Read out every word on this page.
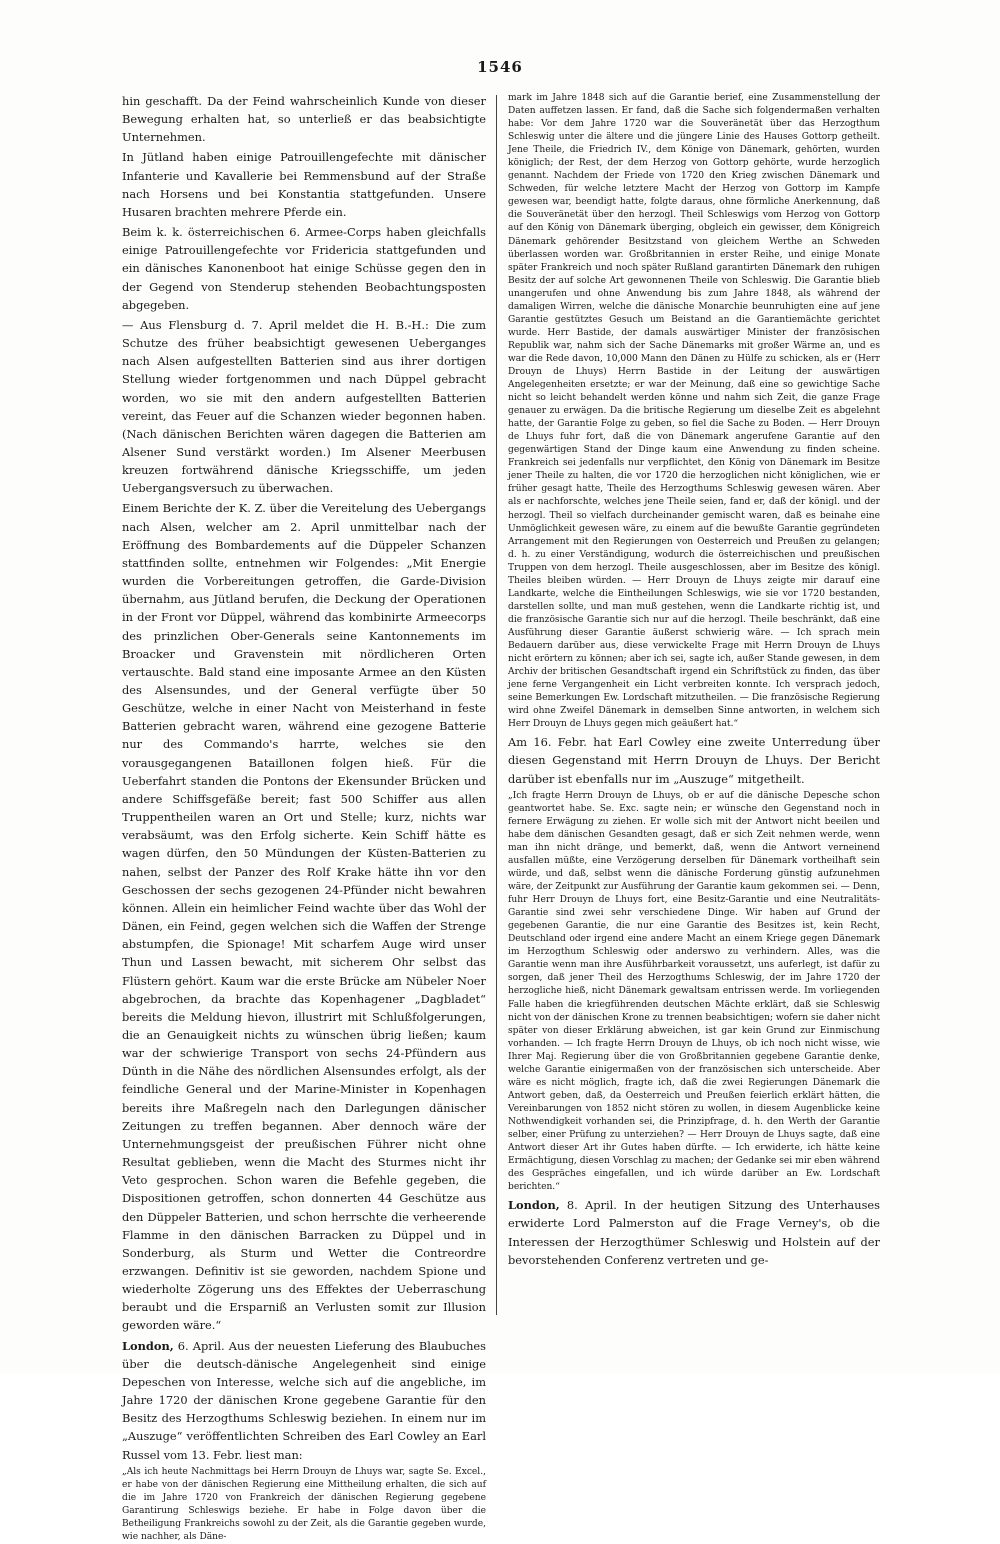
1546

hin geschafft. Da der Feind wahrscheinlich Kunde von dieser Bewegung erhalten hat, so unterließ er das beabsichtigte Unternehmen.

In Jütland haben einige Patrouillengefechte mit dänischer Infanterie und Kavallerie bei Remmensbund auf der Straße nach Horsens und bei Konstantia stattgefunden. Unsere Husaren brachten mehrere Pferde ein.

Beim k. k. österreichischen 6. Armee-Corps haben gleichfalls einige Patrouillengefechte vor Fridericia stattgefunden und ein dänisches Kanonenboot hat einige Schüsse gegen den in der Gegend von Stenderup stehenden Beobachtungsposten abgegeben.

— Aus Flensburg d. 7. April meldet die H. B.-H.: Die zum Schutze des früher beabsichtigt gewesenen Ueberganges nach Alsen aufgestellten Batterien sind aus ihrer dortigen Stellung wieder fortgenommen und nach Düppel gebracht worden, wo sie mit den andern aufgestellten Batterien vereint, das Feuer auf die Schanzen wieder begonnen haben. (Nach dänischen Berichten wären dagegen die Batterien am Alsener Sund verstärkt worden.) Im Alsener Meerbusen kreuzen fortwährend dänische Kriegsschiffe, um jeden Uebergangsversuch zu überwachen.

Einem Berichte der K. Z. über die Vereitelung des Uebergangs nach Alsen, welcher am 2. April unmittelbar nach der Eröffnung des Bombardements auf die Düppeler Schanzen stattfinden sollte, entnehmen wir Folgendes: „Mit Energie wurden die Vorbereitungen getroffen, die Garde-Division übernahm, aus Jütland berufen, die Deckung der Operationen in der Front vor Düppel, während das kombinirte Armeecorps des prinzlichen Ober-Generals seine Kantonnements im Broacker und Gravenstein mit nördlicheren Orten vertauschte. Bald stand eine imposante Armee an den Küsten des Alsensundes, und der General verfügte über 50 Geschütze, welche in einer Nacht von Meisterhand in feste Batterien gebracht waren, während eine gezogene Batterie nur des Commando's harrte, welches sie den vorausgegangenen Bataillonen folgen hieß. Für die Ueberfahrt standen die Pontons der Ekensunder Brücken und andere Schiffsgefäße bereit; fast 500 Schiffer aus allen Truppentheilen waren an Ort und Stelle; kurz, nichts war verabsäumt, was den Erfolg sicherte. Kein Schiff hätte es wagen dürfen, den 50 Mündungen der Küsten-Batterien zu nahen, selbst der Panzer des Rolf Krake hätte ihn vor den Geschossen der sechs gezogenen 24-Pfünder nicht bewahren können. Allein ein heimlicher Feind wachte über das Wohl der Dänen, ein Feind, gegen welchen sich die Waffen der Strenge abstumpfen, die Spionage! Mit scharfem Auge wird unser Thun und Lassen bewacht, mit sicherem Ohr selbst das Flüstern gehört. Kaum war die erste Brücke am Nübeler Noer abgebrochen, da brachte das Kopenhagener „Dagbladet“ bereits die Meldung hievon, illustrirt mit Schlußfolgerungen, die an Genauigkeit nichts zu wünschen übrig ließen; kaum war der schwierige Transport von sechs 24-Pfündern aus Dünth in die Nähe des nördlichen Alsensundes erfolgt, als der feindliche General und der Marine-Minister in Kopenhagen bereits ihre Maßregeln nach den Darlegungen dänischer Zeitungen zu treffen begannen. Aber dennoch wäre der Unternehmungsgeist der preußischen Führer nicht ohne Resultat geblieben, wenn die Macht des Sturmes nicht ihr Veto gesprochen. Schon waren die Befehle gegeben, die Dispositionen getroffen, schon donnerten 44 Geschütze aus den Düppeler Batterien, und schon herrschte die verheerende Flamme in den dänischen Barracken zu Düppel und in Sonderburg, als Sturm und Wetter die Contreordre erzwangen. Definitiv ist sie geworden, nachdem Spione und wiederholte Zögerung uns des Effektes der Ueberraschung beraubt und die Ersparniß an Verlusten somit zur Illusion geworden wäre.“

London, 6. April. Aus der neuesten Lieferung des Blaubuches über die deutsch-dänische Angelegenheit sind einige Depeschen von Interesse, welche sich auf die angebliche, im Jahre 1720 der dänischen Krone gegebene Garantie für den Besitz des Herzogthums Schleswig beziehen. In einem nur im „Auszuge“ veröffentlichten Schreiben des Earl Cowley an Earl Russel vom 13. Febr. liest man:

„Als ich heute Nachmittags bei Herrn Drouyn de Lhuys war, sagte Se. Excel., er habe von der dänischen Regierung eine Mittheilung erhalten, die sich auf die im Jahre 1720 von Frankreich der dänischen Regierung gegebene Garantirung Schleswigs beziehe. Er habe in Folge davon über die Betheiligung Frankreichs sowohl zu der Zeit, als die Garantie gegeben wurde, wie nachher, als Däne-

mark im Jahre 1848 sich auf die Garantie berief, eine Zusammenstellung der Daten auffetzen lassen. Er fand, daß die Sache sich folgendermaßen verhalten habe: Vor dem Jahre 1720 war die Souveränetät über das Herzogthum Schleswig unter die ältere und die jüngere Linie des Hauses Gottorp getheilt. Jene Theile, die Friedrich IV., dem Könige von Dänemark, gehörten, wurden königlich; der Rest, der dem Herzog von Gottorp gehörte, wurde herzoglich genannt. Nachdem der Friede von 1720 den Krieg zwischen Dänemark und Schweden, für welche letztere Macht der Herzog von Gottorp im Kampfe gewesen war, beendigt hatte, folgte daraus, ohne förmliche Anerkennung, daß die Souveränetät über den herzogl. Theil Schleswigs vom Herzog von Gottorp auf den König von Dänemark überging, obgleich ein gewisser, dem Königreich Dänemark gehörender Besitzstand von gleichem Werthe an Schweden überlassen worden war. Großbritannien in erster Reihe, und einige Monate später Frankreich und noch später Rußland garantirten Dänemark den ruhigen Besitz der auf solche Art gewonnenen Theile von Schleswig. Die Garantie blieb unangerufen und ohne Anwendung bis zum Jahre 1848, als während der damaligen Wirren, welche die dänische Monarchie beunruhigten eine auf jene Garantie gestütztes Gesuch um Beistand an die Garantiemächte gerichtet wurde. Herr Bastide, der damals auswärtiger Minister der französischen Republik war, nahm sich der Sache Dänemarks mit großer Wärme an, und es war die Rede davon, 10,000 Mann den Dänen zu Hülfe zu schicken, als er (Herr Drouyn de Lhuys) Herrn Bastide in der Leitung der auswärtigen Angelegenheiten ersetzte; er war der Meinung, daß eine so gewichtige Sache nicht so leicht behandelt werden könne und nahm sich Zeit, die ganze Frage genauer zu erwägen. Da die britische Regierung um dieselbe Zeit es abgelehnt hatte, der Garantie Folge zu geben, so fiel die Sache zu Boden. — Herr Drouyn de Lhuys fuhr fort, daß die von Dänemark angerufene Garantie auf den gegenwärtigen Stand der Dinge kaum eine Anwendung zu finden scheine. Frankreich sei jedenfalls nur verpflichtet, den König von Dänemark im Besitze jener Theile zu halten, die vor 1720 die herzoglichen nicht königlichen, wie er früher gesagt hatte, Theile des Herzogthums Schleswig gewesen wären. Aber als er nachforschte, welches jene Theile seien, fand er, daß der königl. und der herzogl. Theil so vielfach durcheinander gemischt waren, daß es beinahe eine Unmöglichkeit gewesen wäre, zu einem auf die bewußte Garantie gegründeten Arrangement mit den Regierungen von Oesterreich und Preußen zu gelangen; d. h. zu einer Verständigung, wodurch die österreichischen und preußischen Truppen von dem herzogl. Theile ausgeschlossen, aber im Besitze des königl. Theiles bleiben würden. — Herr Drouyn de Lhuys zeigte mir darauf eine Landkarte, welche die Eintheilungen Schleswigs, wie sie vor 1720 bestanden, darstellen sollte, und man muß gestehen, wenn die Landkarte richtig ist, und die französische Garantie sich nur auf die herzogl. Theile beschränkt, daß eine Ausführung dieser Garantie äußerst schwierig wäre. — Ich sprach mein Bedauern darüber aus, diese verwickelte Frage mit Herrn Drouyn de Lhuys nicht erörtern zu können; aber ich sei, sagte ich, außer Stande gewesen, in dem Archiv der britischen Gesandtschaft irgend ein Schriftstück zu finden, das über jene ferne Vergangenheit ein Licht verbreiten konnte. Ich versprach jedoch, seine Bemerkungen Ew. Lordschaft mitzutheilen. — Die französische Regierung wird ohne Zweifel Dänemark in demselben Sinne antworten, in welchem sich Herr Drouyn de Lhuys gegen mich geäußert hat.“

Am 16. Febr. hat Earl Cowley eine zweite Unterredung über diesen Gegenstand mit Herrn Drouyn de Lhuys. Der Bericht darüber ist ebenfalls nur im „Auszuge“ mitgetheilt.

„Ich fragte Herrn Drouyn de Lhuys, ob er auf die dänische Depesche schon geantwortet habe. Se. Exc. sagte nein; er wünsche den Gegenstand noch in fernere Erwägung zu ziehen. Er wolle sich mit der Antwort nicht beeilen und habe dem dänischen Gesandten gesagt, daß er sich Zeit nehmen werde, wenn man ihn nicht dränge, und bemerkt, daß, wenn die Antwort verneinend ausfallen müßte, eine Verzögerung derselben für Dänemark vortheilhaft sein würde, und daß, selbst wenn die dänische Forderung günstig aufzunehmen wäre, der Zeitpunkt zur Ausführung der Garantie kaum gekommen sei. — Denn, fuhr Herr Drouyn de Lhuys fort, eine Besitz-Garantie und eine Neutralitäts-Garantie sind zwei sehr verschiedene Dinge. Wir haben auf Grund der gegebenen Garantie, die nur eine Garantie des Besitzes ist, kein Recht, Deutschland oder irgend eine andere Macht an einem Kriege gegen Dänemark im Herzogthum Schleswig oder anderswo zu verhindern. Alles, was die Garantie wenn man ihre Ausführbarkeit voraussetzt, uns auferlegt, ist dafür zu sorgen, daß jener Theil des Herzogthums Schleswig, der im Jahre 1720 der herzogliche hieß, nicht Dänemark gewaltsam entrissen werde. Im vorliegenden Falle haben die kriegführenden deutschen Mächte erklärt, daß sie Schleswig nicht von der dänischen Krone zu trennen beabsichtigen; wofern sie daher nicht später von dieser Erklärung abweichen, ist gar kein Grund zur Einmischung vorhanden. — Ich fragte Herrn Drouyn de Lhuys, ob ich noch nicht wisse, wie Ihrer Maj. Regierung über die von Großbritannien gegebene Garantie denke, welche Garantie einigermaßen von der französischen sich unterscheide. Aber wäre es nicht möglich, fragte ich, daß die zwei Regierungen Dänemark die Antwort geben, daß, da Oesterreich und Preußen feierlich erklärt hätten, die Vereinbarungen von 1852 nicht stören zu wollen, in diesem Augenblicke keine Nothwendigkeit vorhanden sei, die Prinzipfrage, d. h. den Werth der Garantie selber, einer Prüfung zu unterziehen? — Herr Drouyn de Lhuys sagte, daß eine Antwort dieser Art ihr Gutes haben dürfte. — Ich erwiderte, ich hätte keine Ermächtigung, diesen Vorschlag zu machen; der Gedanke sei mir eben während des Gespräches eingefallen, und ich würde darüber an Ew. Lordschaft berichten.“

London, 8. April. In der heutigen Sitzung des Unterhauses erwiderte Lord Palmerston auf die Frage Verney's, ob die Interessen der Herzogthümer Schleswig und Holstein auf der bevorstehenden Conferenz vertreten und ge-
